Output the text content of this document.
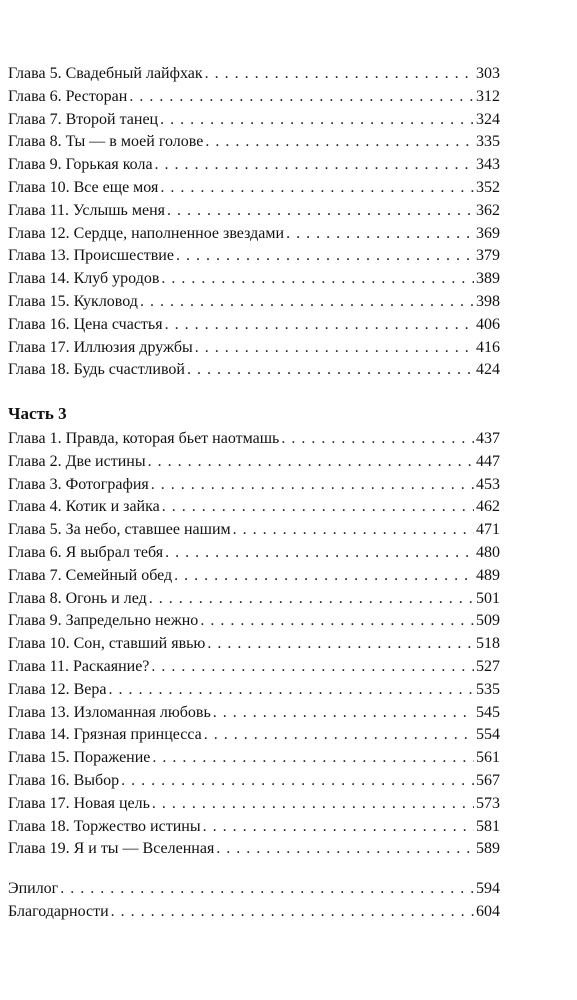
Глава 5. Свадебный лайфхак . . .	303
Глава 6. Ресторан . . .	312
Глава 7. Второй танец . . .	324
Глава 8. Ты — в моей голове . . .	335
Глава 9. Горькая кола . . .	343
Глава 10. Все еще моя . . .	352
Глава 11. Услышь меня . . .	362
Глава 12. Сердце, наполненное звездами . . .	369
Глава 13. Происшествие . . .	379
Глава 14. Клуб уродов . . .	389
Глава 15. Кукловод . . .	398
Глава 16. Цена счастья . . .	406
Глава 17. Иллюзия дружбы . . .	416
Глава 18. Будь счастливой . . .	424
Часть 3
Глава 1. Правда, которая бьет наотмашь . . .	437
Глава 2. Две истины . . .	447
Глава 3. Фотография . . .	453
Глава 4. Котик и зайка . . .	462
Глава 5. За небо, ставшее нашим . . .	471
Глава 6. Я выбрал тебя . . .	480
Глава 7. Семейный обед . . .	489
Глава 8. Огонь и лед . . .	501
Глава 9. Запредельно нежно . . .	509
Глава 10. Сон, ставший явью . . .	518
Глава 11. Раскаяние? . . .	527
Глава 12. Вера . . .	535
Глава 13. Изломанная любовь . . .	545
Глава 14. Грязная принцесса . . .	554
Глава 15. Поражение . . .	561
Глава 16. Выбор . . .	567
Глава 17. Новая цель . . .	573
Глава 18. Торжество истины . . .	581
Глава 19. Я и ты — Вселенная . . .	589
Эпилог . . .	594
Благодарности . . .	604
